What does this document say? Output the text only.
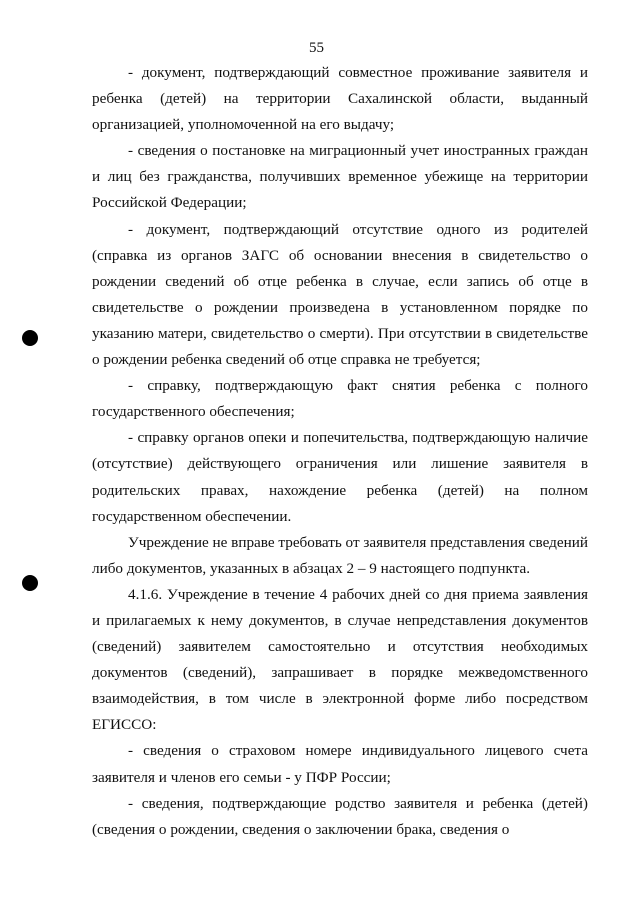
55

- документ, подтверждающий совместное проживание заявителя и ребенка (детей) на территории Сахалинской области, выданный организацией, уполномоченной на его выдачу;

- сведения о постановке на миграционный учет иностранных граждан и лиц без гражданства, получивших временное убежище на территории Российской Федерации;

- документ, подтверждающий отсутствие одного из родителей (справка из органов ЗАГС об основании внесения в свидетельство о рождении сведений об отце ребенка в случае, если запись об отце в свидетельстве о рождении произведена в установленном порядке по указанию матери, свидетельство о смерти). При отсутствии в свидетельстве о рождении ребенка сведений об отце справка не требуется;

- справку, подтверждающую факт снятия ребенка с полного государственного обеспечения;

- справку органов опеки и попечительства, подтверждающую наличие (отсутствие) действующего ограничения или лишение заявителя в родительских правах, нахождение ребенка (детей) на полном государственном обеспечении.

Учреждение не вправе требовать от заявителя представления сведений либо документов, указанных в абзацах 2 – 9 настоящего подпункта.

4.1.6. Учреждение в течение 4 рабочих дней со дня приема заявления и прилагаемых к нему документов, в случае непредставления документов (сведений) заявителем самостоятельно и отсутствия необходимых документов (сведений), запрашивает в порядке межведомственного взаимодействия, в том числе в электронной форме либо посредством ЕГИССО:

- сведения о страховом номере индивидуального лицевого счета заявителя и членов его семьи - у ПФР России;

- сведения, подтверждающие родство заявителя и ребенка (детей) (сведения о рождении, сведения о заключении брака, сведения о
